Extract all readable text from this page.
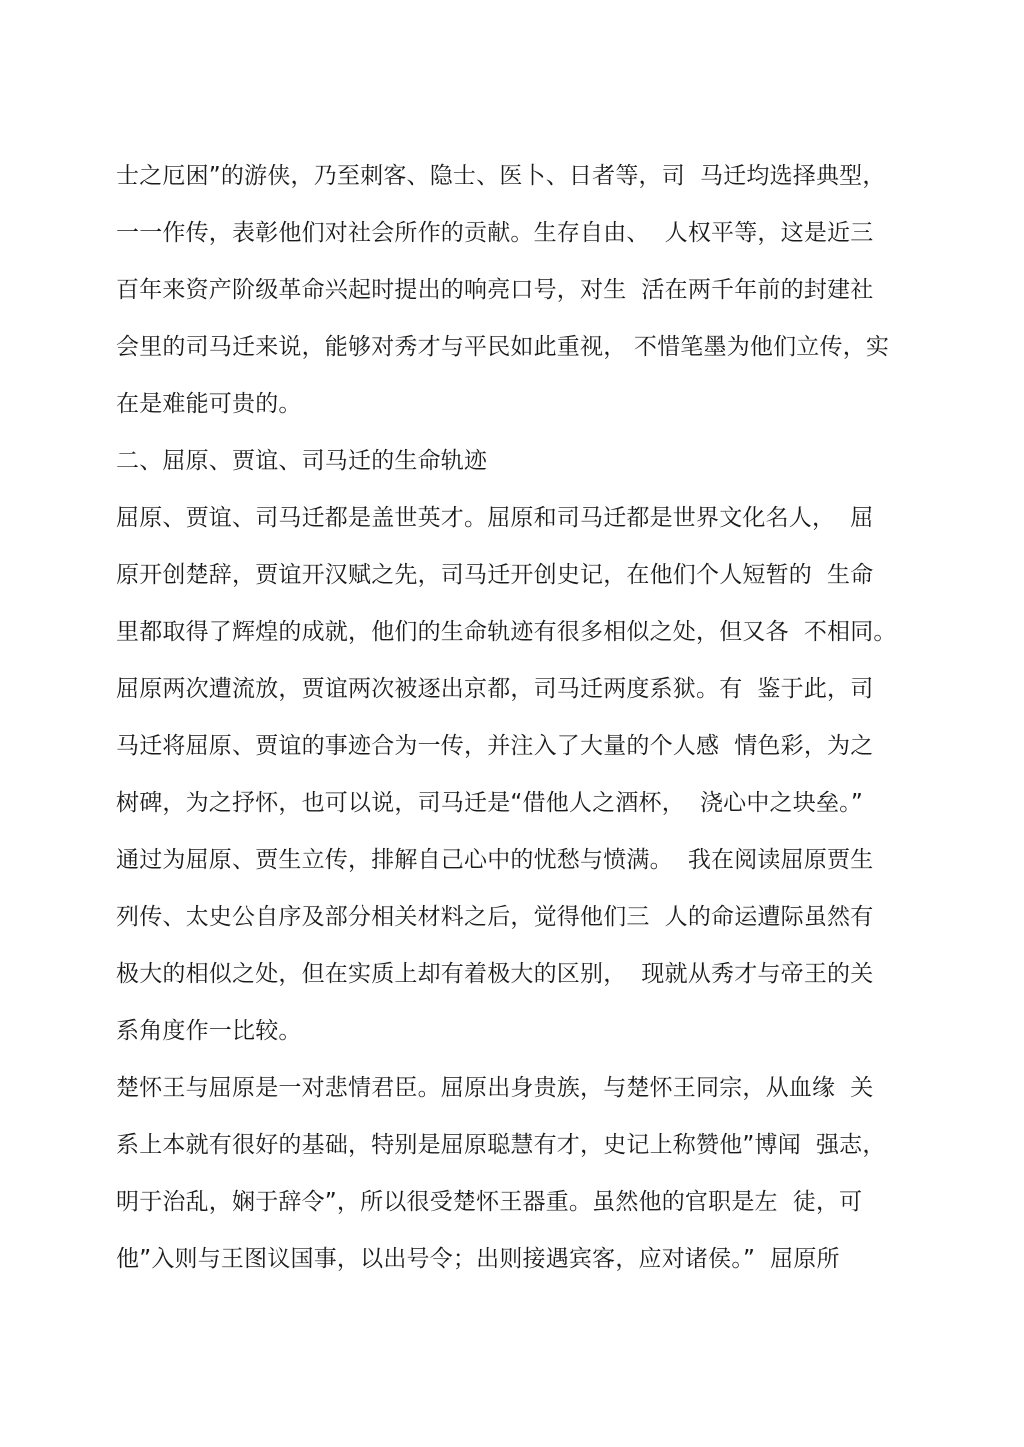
士之厄困”的游侠，乃至刺客、隐士、医卜、日者等，司  马迁均选择典型，
一一作传，表彰他们对社会所作的贡献。生存自由、  人权平等，这是近三
百年来资产阶级革命兴起时提出的响亮口号，对生  活在两千年前的封建社
会里的司马迁来说，能够对秀才与平民如此重视， 不惜笔墨为他们立传，实
在是难能可贵的。
二、屈原、贾谊、司马迁的生命轨迹
屈原、贾谊、司马迁都是盖世英才。屈原和司马迁都是世界文化名人，  屈
原开创楚辞，贾谊开汉赋之先，司马迁开创史记，在他们个人短暂的  生命
里都取得了辉煌的成就，他们的生命轨迹有很多相似之处，但又各  不相同。
屈原两次遭流放，贾谊两次被逐出京都，司马迁两度系狱。有  鉴于此，司
马迁将屈原、贾谊的事迹合为一传，并注入了大量的个人感  情色彩，为之
树碑，为之抒怀，也可以说，司马迁是“借他人之酒杯，  浇心中之块垒。”
通过为屈原、贾生立传，排解自己心中的忧愁与愤满。  我在阅读屈原贾生
列传、太史公自序及部分相关材料之后，觉得他们三  人的命运遭际虽然有
极大的相似之处，但在实质上却有着极大的区别，  现就从秀才与帝王的关
系角度作一比较。
楚怀王与屈原是一对悲情君臣。屈原出身贵族，与楚怀王同宗，从血缘  关
系上本就有很好的基础，特别是屈原聪慧有才，史记上称赞他”博闻  强志，
明于治乱，娴于辞令”，所以很受楚怀王器重。虽然他的官职是左  徒，可
他”入则与王图议国事，以出号令；出则接遇宾客，应对诸侯。”  屈原所
